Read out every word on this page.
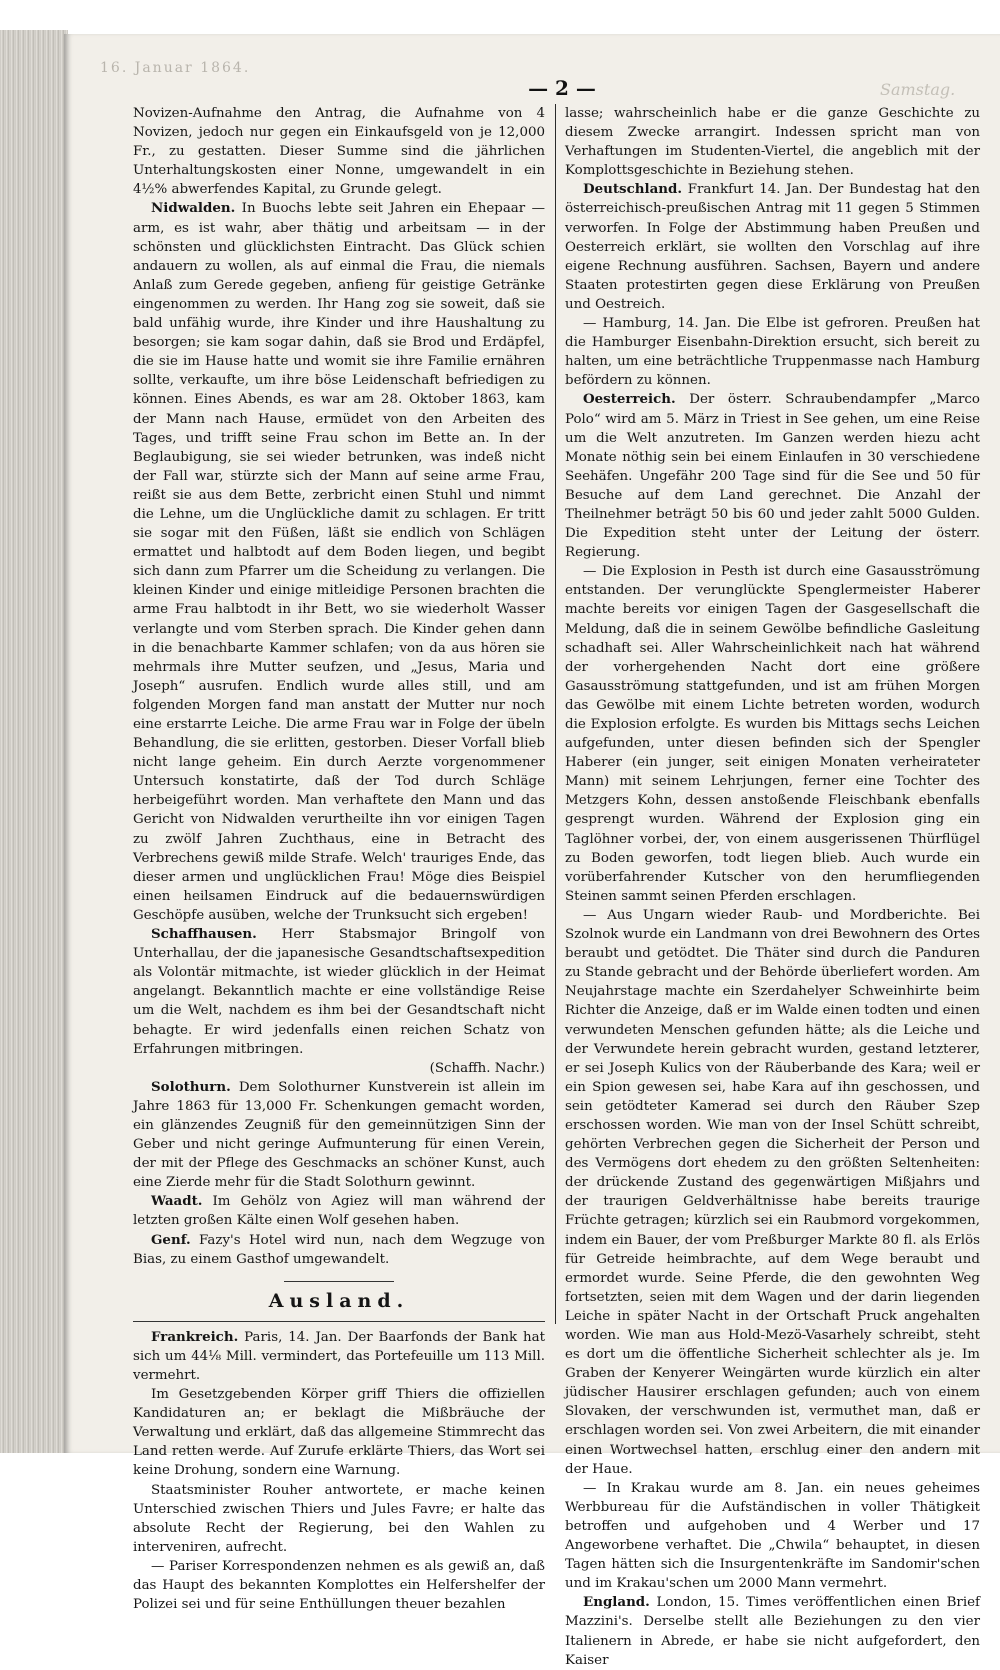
16. Januar 1864.
Samstag.
— 2 —

Novizen-Aufnahme den Antrag, die Aufnahme von 4 Novizen, jedoch nur gegen ein Einkaufsgeld von je 12,000 Fr., zu gestatten. Dieser Summe sind die jährlichen Unterhaltungskosten einer Nonne, umgewandelt in ein 4½% abwerfendes Kapital, zu Grunde gelegt.

Nidwalden. In Buochs lebte seit Jahren ein Ehepaar — arm, es ist wahr, aber thätig und arbeitsam — in der schönsten und glücklichsten Eintracht. Das Glück schien andauern zu wollen, als auf einmal die Frau, die niemals Anlaß zum Gerede gegeben, anfieng für geistige Getränke eingenommen zu werden. Ihr Hang zog sie soweit, daß sie bald unfähig wurde, ihre Kinder und ihre Haushaltung zu besorgen; sie kam sogar dahin, daß sie Brod und Erdäpfel, die sie im Hause hatte und womit sie ihre Familie ernähren sollte, verkaufte, um ihre böse Leidenschaft befriedigen zu können. Eines Abends, es war am 28. Oktober 1863, kam der Mann nach Hause, ermüdet von den Arbeiten des Tages, und trifft seine Frau schon im Bette an. In der Beglaubigung, sie sei wieder betrunken, was indeß nicht der Fall war, stürzte sich der Mann auf seine arme Frau, reißt sie aus dem Bette, zerbricht einen Stuhl und nimmt die Lehne, um die Unglückliche damit zu schlagen. Er tritt sie sogar mit den Füßen, läßt sie endlich von Schlägen ermattet und halbtodt auf dem Boden liegen, und begibt sich dann zum Pfarrer um die Scheidung zu verlangen. Die kleinen Kinder und einige mitleidige Personen brachten die arme Frau halbtodt in ihr Bett, wo sie wiederholt Wasser verlangte und vom Sterben sprach. Die Kinder gehen dann in die benachbarte Kammer schlafen; von da aus hören sie mehrmals ihre Mutter seufzen, und „Jesus, Maria und Joseph“ ausrufen. Endlich wurde alles still, und am folgenden Morgen fand man anstatt der Mutter nur noch eine erstarrte Leiche. Die arme Frau war in Folge der übeln Behandlung, die sie erlitten, gestorben. Dieser Vorfall blieb nicht lange geheim. Ein durch Aerzte vorgenommener Untersuch konstatirte, daß der Tod durch Schläge herbeigeführt worden. Man verhaftete den Mann und das Gericht von Nidwalden verurtheilte ihn vor einigen Tagen zu zwölf Jahren Zuchthaus, eine in Betracht des Verbrechens gewiß milde Strafe. Welch' trauriges Ende, das dieser armen und unglücklichen Frau! Möge dies Beispiel einen heilsamen Eindruck auf die bedauernswürdigen Geschöpfe ausüben, welche der Trunksucht sich ergeben!

Schaffhausen. Herr Stabsmajor Bringolf von Unterhallau, der die japanesische Gesandtschaftsexpedition als Volontär mitmachte, ist wieder glücklich in der Heimat angelangt. Bekanntlich machte er eine vollständige Reise um die Welt, nachdem es ihm bei der Gesandtschaft nicht behagte. Er wird jedenfalls einen reichen Schatz von Erfahrungen mitbringen.

(Schaffh. Nachr.)

Solothurn. Dem Solothurner Kunstverein ist allein im Jahre 1863 für 13,000 Fr. Schenkungen gemacht worden, ein glänzendes Zeugniß für den gemeinnützigen Sinn der Geber und nicht geringe Aufmunterung für einen Verein, der mit der Pflege des Geschmacks an schöner Kunst, auch eine Zierde mehr für die Stadt Solothurn gewinnt.

Waadt. Im Gehölz von Agiez will man während der letzten großen Kälte einen Wolf gesehen haben.

Genf. Fazy's Hotel wird nun, nach dem Wegzuge von Bias, zu einem Gasthof umgewandelt.

Ausland.

Frankreich. Paris, 14. Jan. Der Baarfonds der Bank hat sich um 44⅛ Mill. vermindert, das Portefeuille um 113 Mill. vermehrt.

Im Gesetzgebenden Körper griff Thiers die offiziellen Kandidaturen an; er beklagt die Mißbräuche der Verwaltung und erklärt, daß das allgemeine Stimmrecht das Land retten werde. Auf Zurufe erklärte Thiers, das Wort sei keine Drohung, sondern eine Warnung.

Staatsminister Rouher antwortete, er mache keinen Unterschied zwischen Thiers und Jules Favre; er halte das absolute Recht der Regierung, bei den Wahlen zu interveniren, aufrecht.

— Pariser Korrespondenzen nehmen es als gewiß an, daß das Haupt des bekannten Komplottes ein Helfershelfer der Polizei sei und für seine Enthüllungen theuer bezahlen

lasse; wahrscheinlich habe er die ganze Geschichte zu diesem Zwecke arrangirt. Indessen spricht man von Verhaftungen im Studenten-Viertel, die angeblich mit der Komplottsgeschichte in Beziehung stehen.

Deutschland. Frankfurt 14. Jan. Der Bundestag hat den österreichisch-preußischen Antrag mit 11 gegen 5 Stimmen verworfen. In Folge der Abstimmung haben Preußen und Oesterreich erklärt, sie wollten den Vorschlag auf ihre eigene Rechnung ausführen. Sachsen, Bayern und andere Staaten protestirten gegen diese Erklärung von Preußen und Oestreich.

— Hamburg, 14. Jan. Die Elbe ist gefroren. Preußen hat die Hamburger Eisenbahn-Direktion ersucht, sich bereit zu halten, um eine beträchtliche Truppenmasse nach Hamburg befördern zu können.

Oesterreich. Der österr. Schraubendampfer „Marco Polo“ wird am 5. März in Triest in See gehen, um eine Reise um die Welt anzutreten. Im Ganzen werden hiezu acht Monate nöthig sein bei einem Einlaufen in 30 verschiedene Seehäfen. Ungefähr 200 Tage sind für die See und 50 für Besuche auf dem Land gerechnet. Die Anzahl der Theilnehmer beträgt 50 bis 60 und jeder zahlt 5000 Gulden. Die Expedition steht unter der Leitung der österr. Regierung.

— Die Explosion in Pesth ist durch eine Gasausströmung entstanden. Der verunglückte Spenglermeister Haberer machte bereits vor einigen Tagen der Gasgesellschaft die Meldung, daß die in seinem Gewölbe befindliche Gasleitung schadhaft sei. Aller Wahrscheinlichkeit nach hat während der vorhergehenden Nacht dort eine größere Gasausströmung stattgefunden, und ist am frühen Morgen das Gewölbe mit einem Lichte betreten worden, wodurch die Explosion erfolgte. Es wurden bis Mittags sechs Leichen aufgefunden, unter diesen befinden sich der Spengler Haberer (ein junger, seit einigen Monaten verheirateter Mann) mit seinem Lehrjungen, ferner eine Tochter des Metzgers Kohn, dessen anstoßende Fleischbank ebenfalls gesprengt wurden. Während der Explosion ging ein Taglöhner vorbei, der, von einem ausgerissenen Thürflügel zu Boden geworfen, todt liegen blieb. Auch wurde ein vorüberfahrender Kutscher von den herumfliegenden Steinen sammt seinen Pferden erschlagen.

— Aus Ungarn wieder Raub- und Mordberichte. Bei Szolnok wurde ein Landmann von drei Bewohnern des Ortes beraubt und getödtet. Die Thäter sind durch die Panduren zu Stande gebracht und der Behörde überliefert worden. Am Neujahrstage machte ein Szerdahelyer Schweinhirte beim Richter die Anzeige, daß er im Walde einen todten und einen verwundeten Menschen gefunden hätte; als die Leiche und der Verwundete herein gebracht wurden, gestand letzterer, er sei Joseph Kulics von der Räuberbande des Kara; weil er ein Spion gewesen sei, habe Kara auf ihn geschossen, und sein getödteter Kamerad sei durch den Räuber Szep erschossen worden. Wie man von der Insel Schütt schreibt, gehörten Verbrechen gegen die Sicherheit der Person und des Vermögens dort ehedem zu den größten Seltenheiten: der drückende Zustand des gegenwärtigen Mißjahrs und der traurigen Geldverhältnisse habe bereits traurige Früchte getragen; kürzlich sei ein Raubmord vorgekommen, indem ein Bauer, der vom Preßburger Markte 80 fl. als Erlös für Getreide heimbrachte, auf dem Wege beraubt und ermordet wurde. Seine Pferde, die den gewohnten Weg fortsetzten, seien mit dem Wagen und der darin liegenden Leiche in später Nacht in der Ortschaft Pruck angehalten worden. Wie man aus Hold-Mezö-Vasarhely schreibt, steht es dort um die öffentliche Sicherheit schlechter als je. Im Graben der Kenyerer Weingärten wurde kürzlich ein alter jüdischer Hausirer erschlagen gefunden; auch von einem Slovaken, der verschwunden ist, vermuthet man, daß er erschlagen worden sei. Von zwei Arbeitern, die mit einander einen Wortwechsel hatten, erschlug einer den andern mit der Haue.

— In Krakau wurde am 8. Jan. ein neues geheimes Werbbureau für die Aufständischen in voller Thätigkeit betroffen und aufgehoben und 4 Werber und 17 Angeworbene verhaftet. Die „Chwila“ behauptet, in diesen Tagen hätten sich die Insurgentenkräfte im Sandomir'schen und im Krakau'schen um 2000 Mann vermehrt.

England. London, 15. Times veröffentlichen einen Brief Mazzini's. Derselbe stellt alle Beziehungen zu den vier Italienern in Abrede, er habe sie nicht aufgefordert, den Kaiser
